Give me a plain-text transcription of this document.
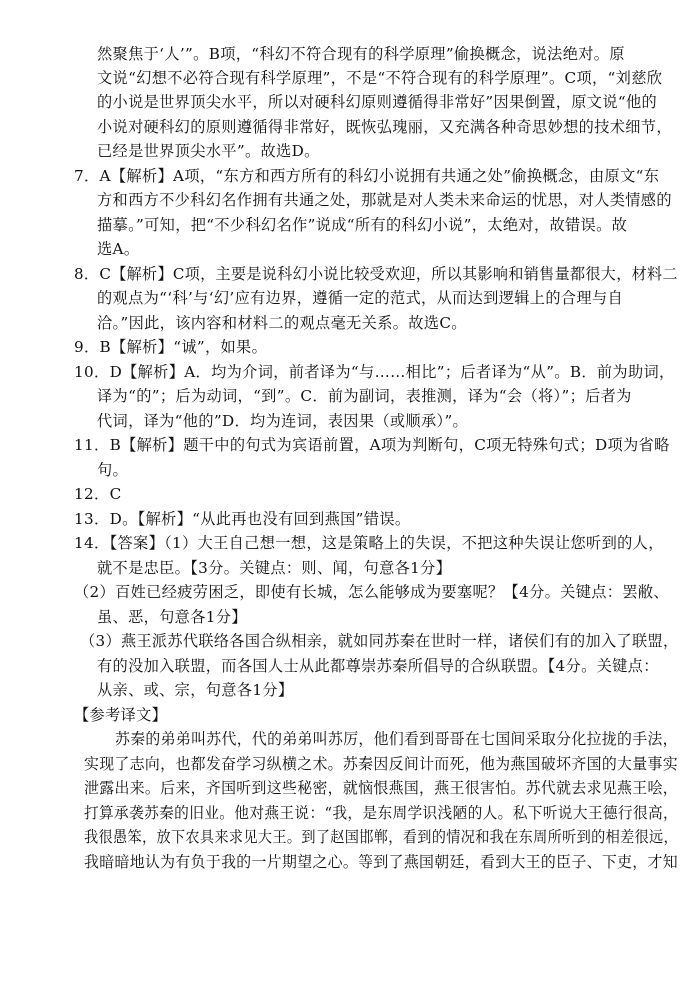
然聚焦于‘人’”。B项，“科幻不符合现有的科学原理”偷换概念，说法绝对。原
文说“幻想不必符合现有科学原理”，不是“不符合现有的科学原理”。C项，“刘慈欣
的小说是世界顶尖水平，所以对硬科幻原则遵循得非常好”因果倒置，原文说“他的
小说对硬科幻的原则遵循得非常好，既恢弘瑰丽，又充满各种奇思妙想的技术细节，
已经是世界顶尖水平”。故选D。
7．A【解析】A项，“东方和西方所有的科幻小说拥有共通之处”偷换概念，由原文“东
方和西方不少科幻名作拥有共通之处，那就是对人类未来命运的忧思，对人类情感的
描摹。”可知，把“不少科幻名作”说成“所有的科幻小说”，太绝对，故错误。故
选A。
8．C【解析】C项，主要是说科幻小说比较受欢迎，所以其影响和销售量都很大，材料二
的观点为“‘科’与‘幻’应有边界，遵循一定的范式，从而达到逻辑上的合理与自
洽。”因此，该内容和材料二的观点毫无关系。故选C。
9．B【解析】“诚”，如果。
10．D【解析】A．均为介词，前者译为“与……相比”；后者译为“从”。B．前为助词，
译为“的”；后为动词，“到”。C．前为副词，表推测，译为“会（将）”；后者为
代词，译为“他的”D．均为连词，表因果（或顺承）”。
11．B【解析】题干中的句式为宾语前置，A项为判断句，C项无特殊句式；D项为省略
句。
12．C
13．D。【解析】“从此再也没有回到燕国”错误。
14．【答案】（1）大王自己想一想，这是策略上的失误，不把这种失误让您听到的人，
就不是忠臣。【3分。关键点：则、闻，句意各1分】
（2）百姓已经疲劳困乏，即使有长城，怎么能够成为要塞呢？【4分。关键点：罢敝、
虽、恶，句意各1分】
（3）燕王派苏代联络各国合纵相亲，就如同苏秦在世时一样，诸侯们有的加入了联盟，
有的没加入联盟，而各国人士从此都尊崇苏秦所倡导的合纵联盟。【4分。关键点：
从亲、或、宗，句意各1分】
【参考译文】
苏秦的弟弟叫苏代，代的弟弟叫苏厉，他们看到哥哥在七国间采取分化拉拢的手法，
实现了志向，也都发奋学习纵横之术。苏秦因反间计而死，他为燕国破坏齐国的大量事实
泄露出来。后来，齐国听到这些秘密，就恼恨燕国，燕王很害怕。苏代就去求见燕王哙，
打算承袭苏秦的旧业。他对燕王说：“我，是东周学识浅陋的人。私下听说大王德行很高，
我很愚笨，放下农具来求见大王。到了赵国邯郸，看到的情况和我在东周所听到的相差很远，
我暗暗地认为有负于我的一片期望之心。等到了燕国朝廷，看到大王的臣子、下吏，才知
